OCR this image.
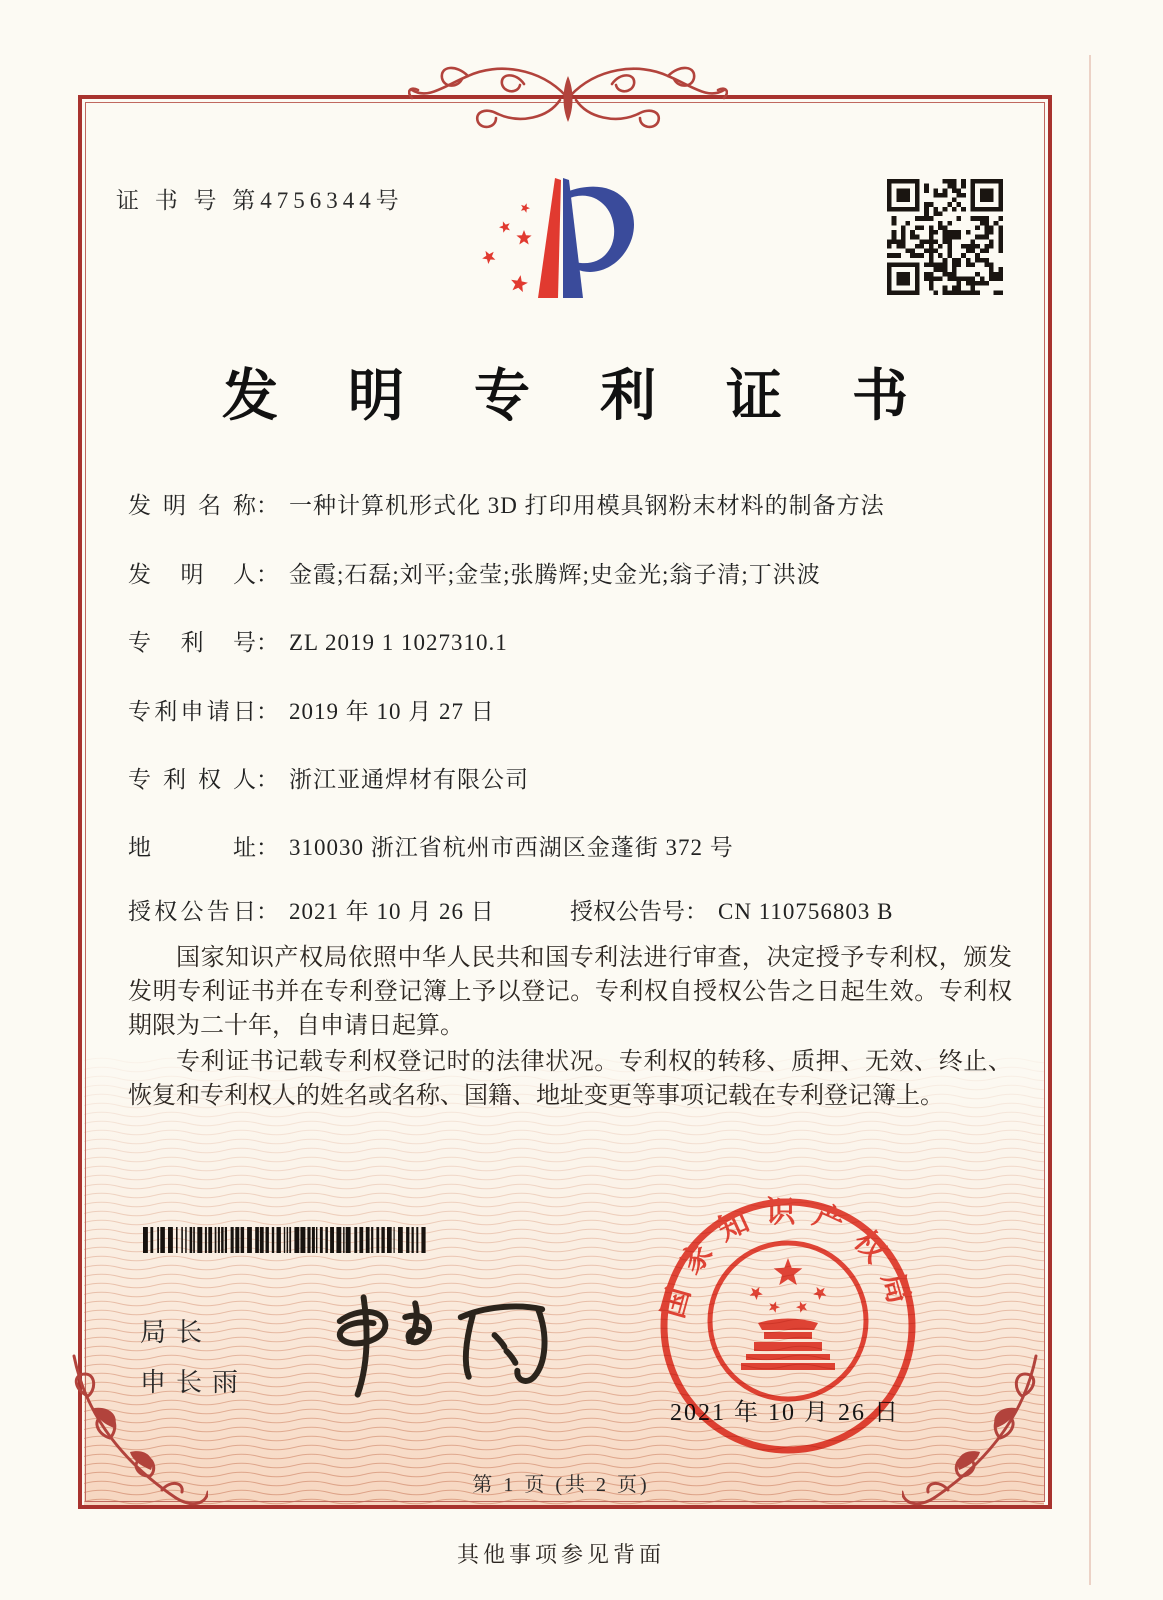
证 书 号 第4756344号
发 明 专 利 证 书
发明名称： 一种计算机形式化 3D 打印用模具钢粉末材料的制备方法
发明人： 金霞;石磊;刘平;金莹;张腾辉;史金光;翁子清;丁洪波
专利号： ZL 2019 1 1027310.1
专利申请日： 2019 年 10 月 27 日
专利权人： 浙江亚通焊材有限公司
地址： 310030 浙江省杭州市西湖区金蓬街 372 号
授权公告日： 2021 年 10 月 26 日	授权公告号： CN 110756803 B
国家知识产权局依照中华人民共和国专利法进行审查，决定授予专利权，颁发发明专利证书并在专利登记簿上予以登记。专利权自授权公告之日起生效。专利权期限为二十年，自申请日起算。
专利证书记载专利权登记时的法律状况。专利权的转移、质押、无效、终止、恢复和专利权人的姓名或名称、国籍、地址变更等事项记载在专利登记簿上。
局长
申长雨
2021 年 10 月 26 日
国家知识产权局
第 1 页 (共 2 页)
其他事项参见背面
